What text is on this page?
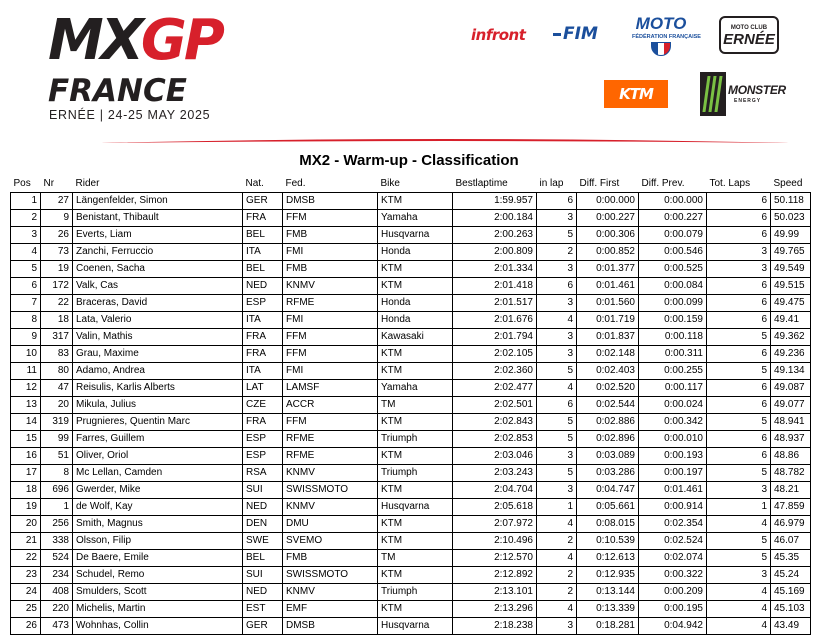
MXGP
FRANCE
ERNÉE | 24-25 MAY 2025
infront	FIM
MOTO
FÉDÉRATION FRANÇAISE
MOTO CLUB
ERNÉE
KTM	MONSTER
ENERGY
MX2 - Warm-up - Classification
Pos	Nr	Rider	Nat.	Fed.	Bike	Bestlaptime	in lap	Diff. First	Diff. Prev.	Tot. Laps	Speed
1	27	Längenfelder, Simon	GER	DMSB	KTM	1:59.957	6	0:00.000	0:00.000	6	50.118
2	9	Benistant, Thibault	FRA	FFM	Yamaha	2:00.184	3	0:00.227	0:00.227	6	50.023
3	26	Everts, Liam	BEL	FMB	Husqvarna	2:00.263	5	0:00.306	0:00.079	6	49.99
4	73	Zanchi, Ferruccio	ITA	FMI	Honda	2:00.809	2	0:00.852	0:00.546	3	49.765
5	19	Coenen, Sacha	BEL	FMB	KTM	2:01.334	3	0:01.377	0:00.525	3	49.549
6	172	Valk, Cas	NED	KNMV	KTM	2:01.418	6	0:01.461	0:00.084	6	49.515
7	22	Braceras, David	ESP	RFME	Honda	2:01.517	3	0:01.560	0:00.099	6	49.475
8	18	Lata, Valerio	ITA	FMI	Honda	2:01.676	4	0:01.719	0:00.159	6	49.41
9	317	Valin, Mathis	FRA	FFM	Kawasaki	2:01.794	3	0:01.837	0:00.118	5	49.362
10	83	Grau, Maxime	FRA	FFM	KTM	2:02.105	3	0:02.148	0:00.311	6	49.236
11	80	Adamo, Andrea	ITA	FMI	KTM	2:02.360	5	0:02.403	0:00.255	5	49.134
12	47	Reisulis, Karlis Alberts	LAT	LAMSF	Yamaha	2:02.477	4	0:02.520	0:00.117	6	49.087
13	20	Mikula, Julius	CZE	ACCR	TM	2:02.501	6	0:02.544	0:00.024	6	49.077
14	319	Prugnieres, Quentin Marc	FRA	FFM	KTM	2:02.843	5	0:02.886	0:00.342	5	48.941
15	99	Farres, Guillem	ESP	RFME	Triumph	2:02.853	5	0:02.896	0:00.010	6	48.937
16	51	Oliver, Oriol	ESP	RFME	KTM	2:03.046	3	0:03.089	0:00.193	6	48.86
17	8	Mc Lellan, Camden	RSA	KNMV	Triumph	2:03.243	5	0:03.286	0:00.197	5	48.782
18	696	Gwerder, Mike	SUI	SWISSMOTO	KTM	2:04.704	3	0:04.747	0:01.461	3	48.21
19	1	de Wolf, Kay	NED	KNMV	Husqvarna	2:05.618	1	0:05.661	0:00.914	1	47.859
20	256	Smith, Magnus	DEN	DMU	KTM	2:07.972	4	0:08.015	0:02.354	4	46.979
21	338	Olsson, Filip	SWE	SVEMO	KTM	2:10.496	2	0:10.539	0:02.524	5	46.07
22	524	De Baere, Emile	BEL	FMB	TM	2:12.570	4	0:12.613	0:02.074	5	45.35
23	234	Schudel, Remo	SUI	SWISSMOTO	KTM	2:12.892	2	0:12.935	0:00.322	3	45.24
24	408	Smulders, Scott	NED	KNMV	Triumph	2:13.101	2	0:13.144	0:00.209	4	45.169
25	220	Michelis, Martin	EST	EMF	KTM	2:13.296	4	0:13.339	0:00.195	4	45.103
26	473	Wohnhas, Collin	GER	DMSB	Husqvarna	2:18.238	3	0:18.281	0:04.942	4	43.49
